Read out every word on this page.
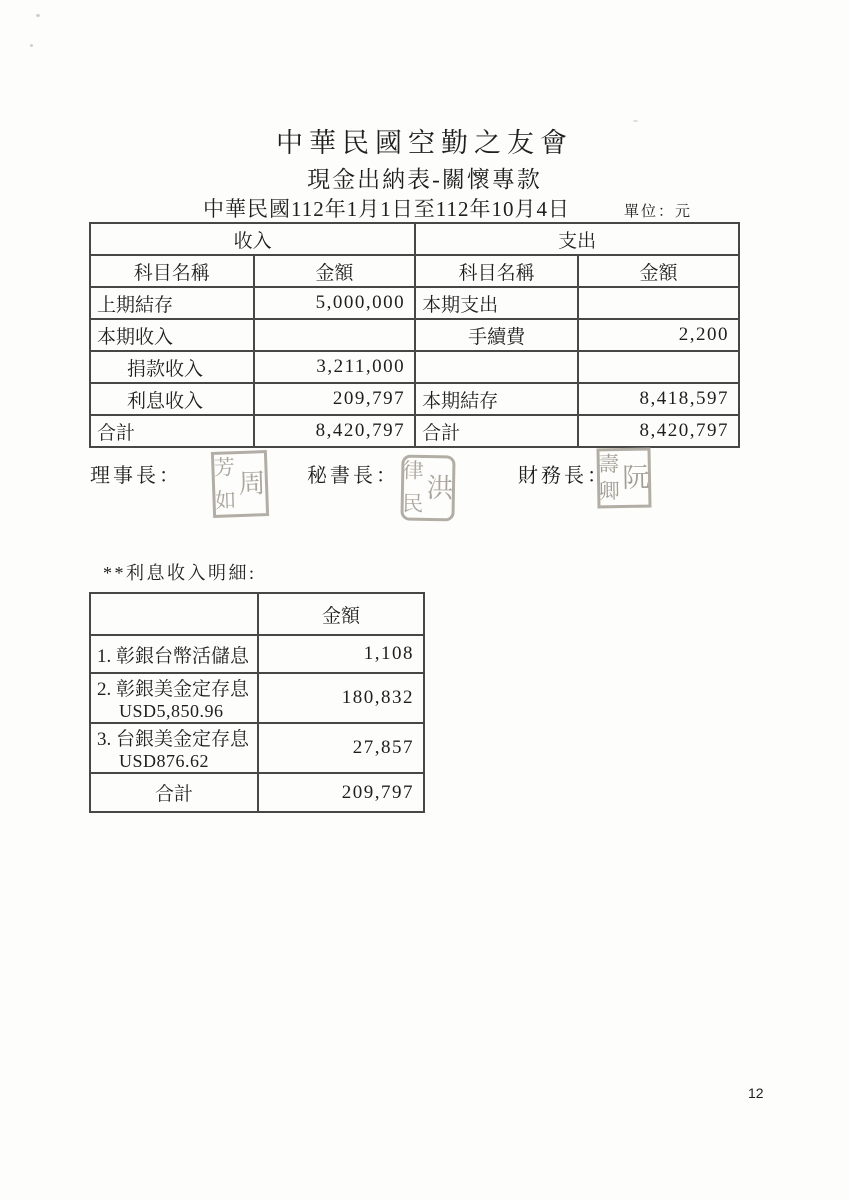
中華民國空勤之友會
現金出納表-關懷專款
中華民國112年1月1日至112年10月4日	單位：元
收入		支出	
科目名稱	金額	科目名稱	金額
上期結存	5,000,000	本期支出	
本期收入		手續費	2,200
捐款收入	3,211,000		
利息收入	209,797	本期結存	8,418,597
合計	8,420,797	合計	8,420,797
理事長： 芳
如
周 秘書長： 律
民
洪	財務長：
壽
卿 阮
**利息收入明細:
	金額
1. 彰銀台幣活儲息	1,108

2. 彰銀美金定存息
USD5,850.96	180,832

3. 台銀美金定存息
USD876.62	27,857
合計	209,797
12
